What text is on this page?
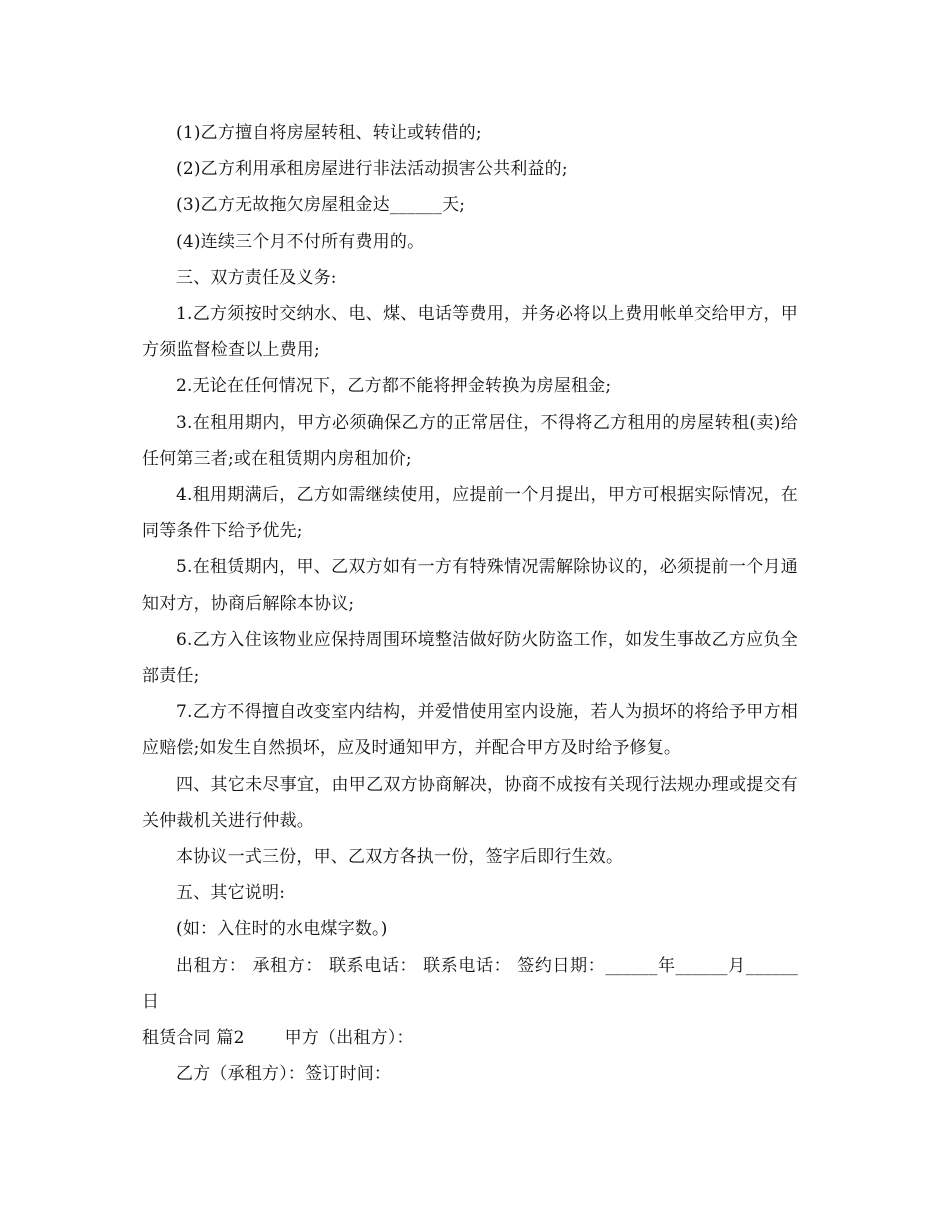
(1)乙方擅自将房屋转租、转让或转借的;

(2)乙方利用承租房屋进行非法活动损害公共利益的;

(3)乙方无故拖欠房屋租金达______天;

(4)连续三个月不付所有费用的。

三、双方责任及义务:

1.乙方须按时交纳水、电、煤、电话等费用，并务必将以上费用帐单交给甲方，甲方须监督检查以上费用;

2.无论在任何情况下，乙方都不能将押金转换为房屋租金;

3.在租用期内，甲方必须确保乙方的正常居住，不得将乙方租用的房屋转租(卖)给任何第三者;或在租赁期内房租加价;

4.租用期满后，乙方如需继续使用，应提前一个月提出，甲方可根据实际情况，在同等条件下给予优先;

5.在租赁期内，甲、乙双方如有一方有特殊情况需解除协议的，必须提前一个月通知对方，协商后解除本协议;

6.乙方入住该物业应保持周围环境整洁做好防火防盗工作，如发生事故乙方应负全部责任;

7.乙方不得擅自改变室内结构，并爱惜使用室内设施，若人为损坏的将给予甲方相应赔偿;如发生自然损坏，应及时通知甲方，并配合甲方及时给予修复。

四、其它未尽事宜，由甲乙双方协商解决，协商不成按有关现行法规办理或提交有关仲裁机关进行仲裁。

本协议一式三份，甲、乙双方各执一份，签字后即行生效。

五、其它说明:

(如：入住时的水电煤字数。)

出租方： 承租方： 联系电话： 联系电话： 签约日期：______年______月______日

租赁合同 篇2 甲方（出租方）：

乙方（承租方）：签订时间：
